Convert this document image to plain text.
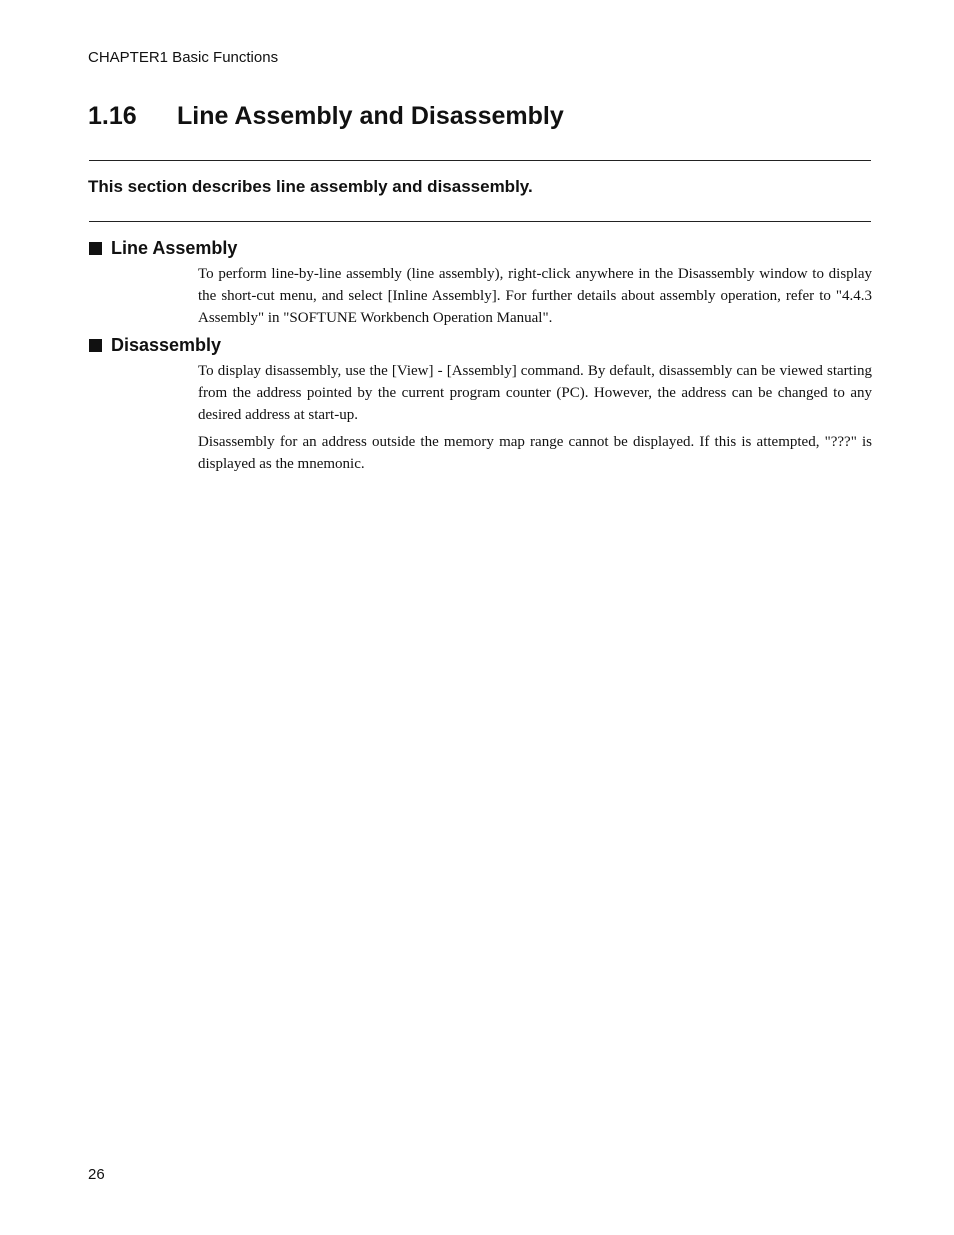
CHAPTER1 Basic Functions
1.16 Line Assembly and Disassembly

This section describes line assembly and disassembly.

Line Assembly

To perform line-by-line assembly (line assembly), right-click anywhere in the Disassembly window to display the short-cut menu, and select [Inline Assembly]. For further details about assembly operation, refer to "4.4.3 Assembly" in "SOFTUNE Workbench Operation Manual".

Disassembly

To display disassembly, use the [View] - [Assembly] command. By default, disassembly can be viewed starting from the address pointed by the current program counter (PC). However, the address can be changed to any desired address at start-up.

Disassembly for an address outside the memory map range cannot be displayed. If this is attempted, "???" is displayed as the mnemonic.

26
